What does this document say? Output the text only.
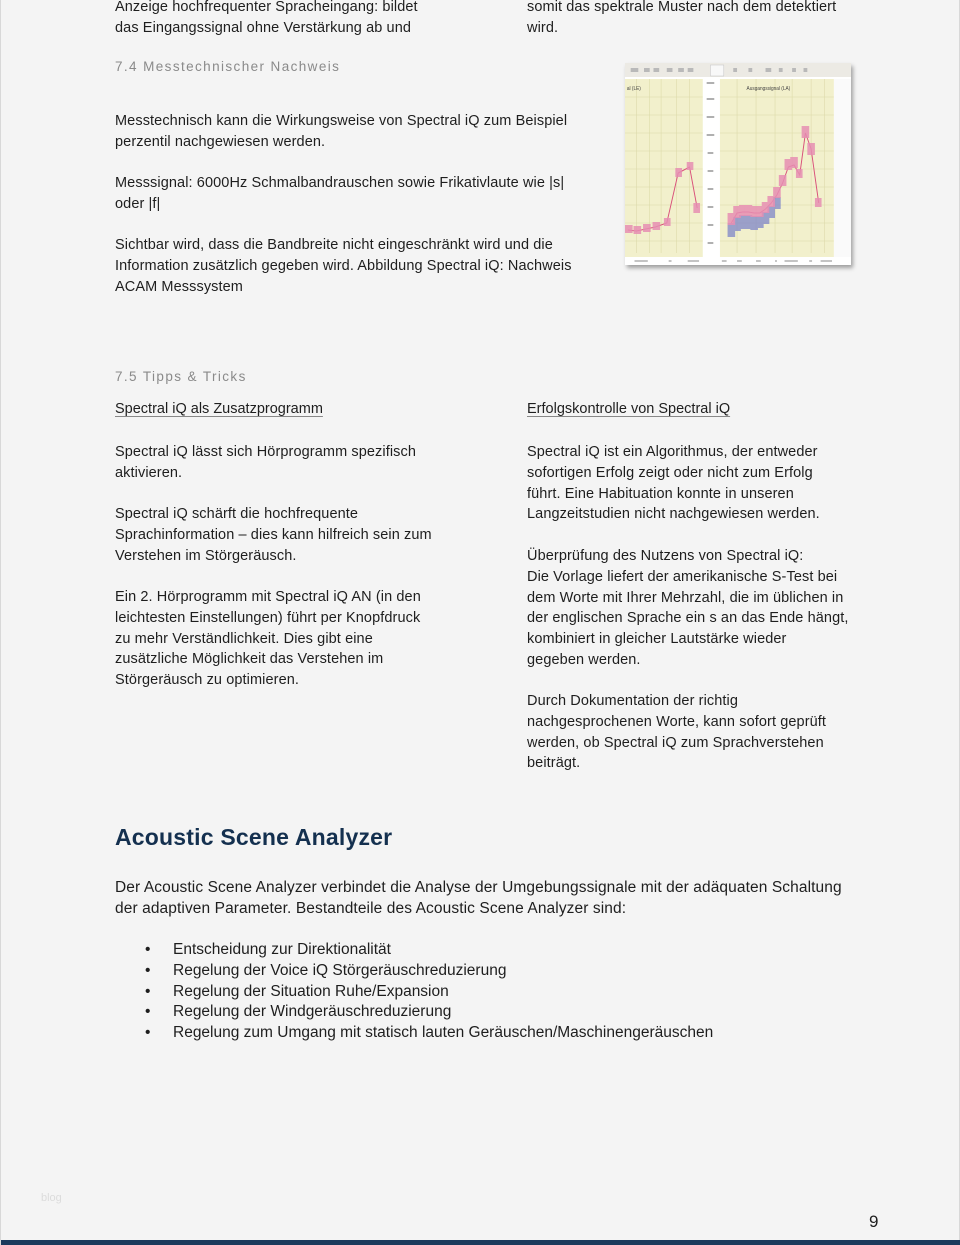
Anzeige hochfrequenter Spracheingang: bildet
das Eingangssignal ohne Verstärkung ab und
somit das spektrale Muster nach dem detektiert
wird.
7.4 Messtechnischer Nachweis
Messtechnisch kann die Wirkungsweise von Spectral iQ zum Beispiel
perzentil nachgewiesen werden.
Messsignal: 6000Hz Schmalbandrauschen sowie Frikativlaute wie |s|
oder |f|
Sichtbar wird, dass die Bandbreite nicht eingeschränkt wird und die
Information zusätzlich gegeben wird. Abbildung Spectral iQ: Nachweis
ACAM Messsystem
al (LE)	Ausgangssignal (LA)
7.5 Tipps & Tricks
Spectral iQ als Zusatzprogramm
Spectral iQ lässt sich Hörprogramm spezifisch
aktivieren.
Spectral iQ schärft die hochfrequente
Sprachinformation – dies kann hilfreich sein zum
Verstehen im Störgeräusch.
Ein 2. Hörprogramm mit Spectral iQ AN (in den
leichtesten Einstellungen) führt per Knopfdruck
zu mehr Verständlichkeit. Dies gibt eine
zusätzliche Möglichkeit das Verstehen im
Störgeräusch zu optimieren.
Erfolgskontrolle von Spectral iQ
Spectral iQ ist ein Algorithmus, der entweder
sofortigen Erfolg zeigt oder nicht zum Erfolg
führt. Eine Habituation konnte in unseren
Langzeitstudien nicht nachgewiesen werden.
Überprüfung des Nutzens von Spectral iQ:
Die Vorlage liefert der amerikanische S-Test bei
dem Worte mit Ihrer Mehrzahl, die im üblichen in
der englischen Sprache ein s an das Ende hängt,
kombiniert in gleicher Lautstärke wieder
gegeben werden.
Durch Dokumentation der richtig
nachgesprochenen Worte, kann sofort geprüft
werden, ob Spectral iQ zum Sprachverstehen
beiträgt.
Acoustic Scene Analyzer
Der Acoustic Scene Analyzer verbindet die Analyse der Umgebungssignale mit der adäquaten Schaltung
der adaptiven Parameter. Bestandteile des Acoustic Scene Analyzer sind:
• Entscheidung zur Direktionalität
• Regelung der Voice iQ Störgeräuschreduzierung
• Regelung der Situation Ruhe/Expansion
• Regelung der Windgeräuschreduzierung
• Regelung zum Umgang mit statisch lauten Geräuschen/Maschinengeräuschen
blog
9
